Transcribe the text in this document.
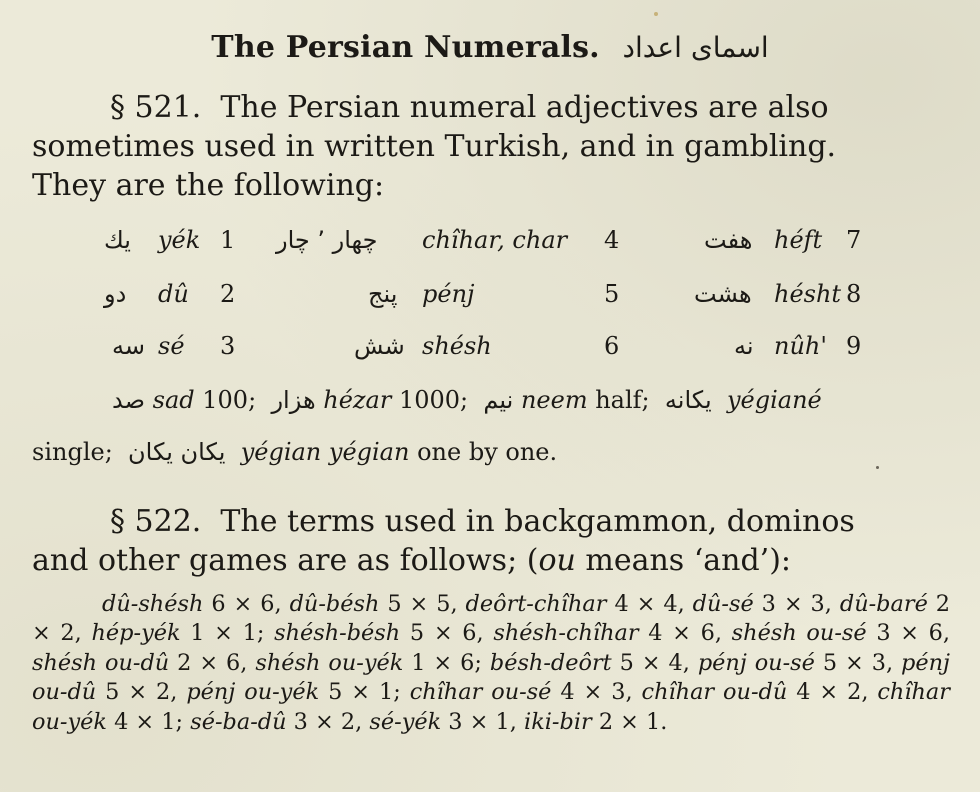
The Persian Numerals. اسمای اعداد
§ 521. The Persian numeral adjectives are also
sometimes used in written Turkish, and in gambling.
They are the following:
یك yék 1
دو dû 2
سه sé 3
چهار ٬ چار chîhar, char 4
پنج pénj	5
شش shésh	6
هفت héft 7
هشت hésht 8
نه nûh' 9
صد sad 100; هزار hézar 1000; نیم neem half; یکانه yégiané
single; یکان یکان yégian yégian one by one.
§ 522. The terms used in backgammon, dominos
and other games are as follows; (ou means ‘and’):
dû-shésh 6 × 6, dû-bésh 5 × 5, deôrt-chîhar 4 × 4, dû-sé 3 × 3, dû-baré 2 × 2, hép-yék 1 × 1; shésh-bésh 5 × 6, shésh-chîhar 4 × 6, shésh ou-sé 3 × 6, shésh ou-dû 2 × 6, shésh ou-yék 1 × 6; bésh-deôrt 5 × 4, pénj ou-sé 5 × 3, pénj ou-dû 5 × 2, pénj ou-yék 5 × 1; chîhar ou-sé 4 × 3, chîhar ou-dû 4 × 2, chîhar ou-yék 4 × 1; sé-ba-dû 3 × 2, sé-yék 3 × 1, iki-bir 2 × 1.
